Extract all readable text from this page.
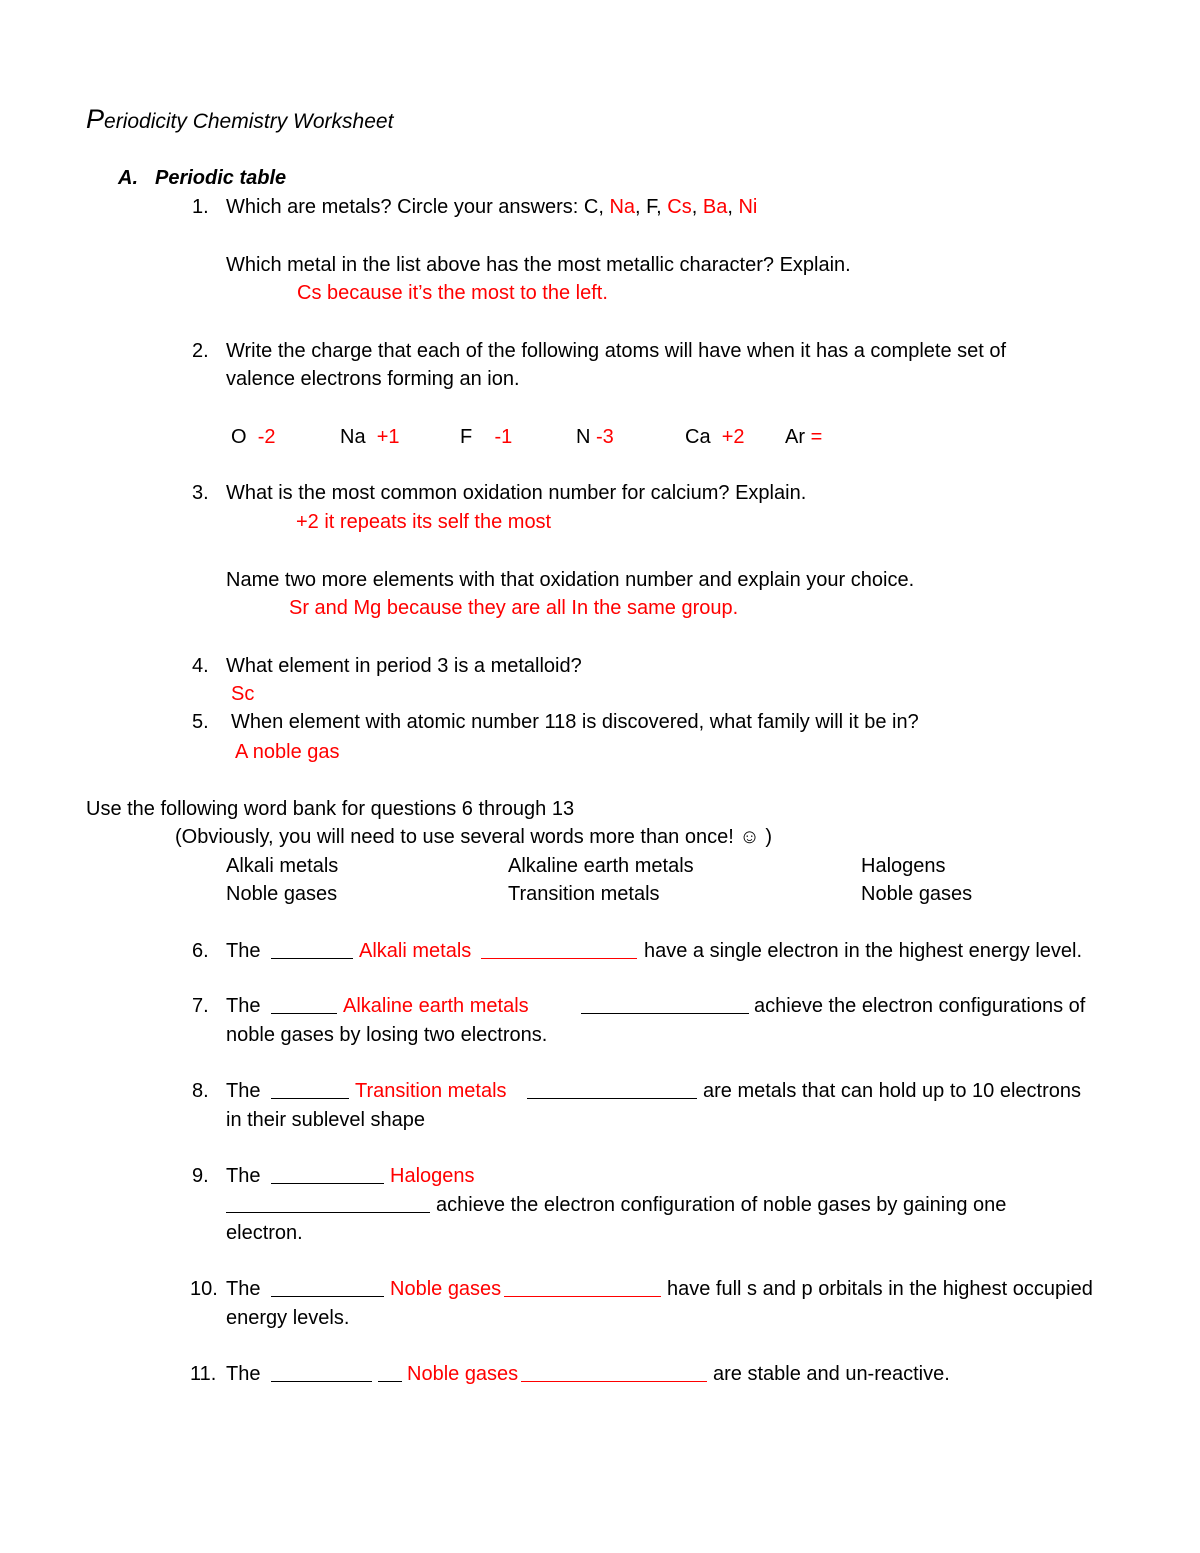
Periodicity Chemistry Worksheet
A. Periodic table
1. Which are metals? Circle your answers: C, Na, F, Cs, Ba, Ni
Which metal in the list above has the most metallic character? Explain.
Cs because it’s the most to the left.
2. Write the charge that each of the following atoms will have when it has a complete set of
valence electrons forming an ion.
O -2	Na +1	F -1	N -3	Ca +2 Ar =
3. What is the most common oxidation number for calcium? Explain.
+2 it repeats its self the most
Name two more elements with that oxidation number and explain your choice.
Sr and Mg because they are all In the same group.
4. What element in period 3 is a metalloid?
Sc
5. When element with atomic number 118 is discovered, what family will it be in?
A noble gas
Use the following word bank for questions 6 through 13
(Obviously, you will need to use several words more than once! ☺ )
Alkali metals	Alkaline earth metals	Halogens
Noble gases	Transition metals	Noble gases
6. The	Alkali metals	have a single electron in the highest energy level.
7. The	Alkaline earth metals	achieve the electron configurations of
noble gases by losing two electrons.
8. The	Transition metals	are metals that can hold up to 10 electrons
in their sublevel shape
9. The	Halogens
achieve the electron configuration of noble gases by gaining one
electron.
10. The	Noble gases	have full s and p orbitals in the highest occupied
energy levels.
11. The	Noble gases	are stable and un-reactive.
